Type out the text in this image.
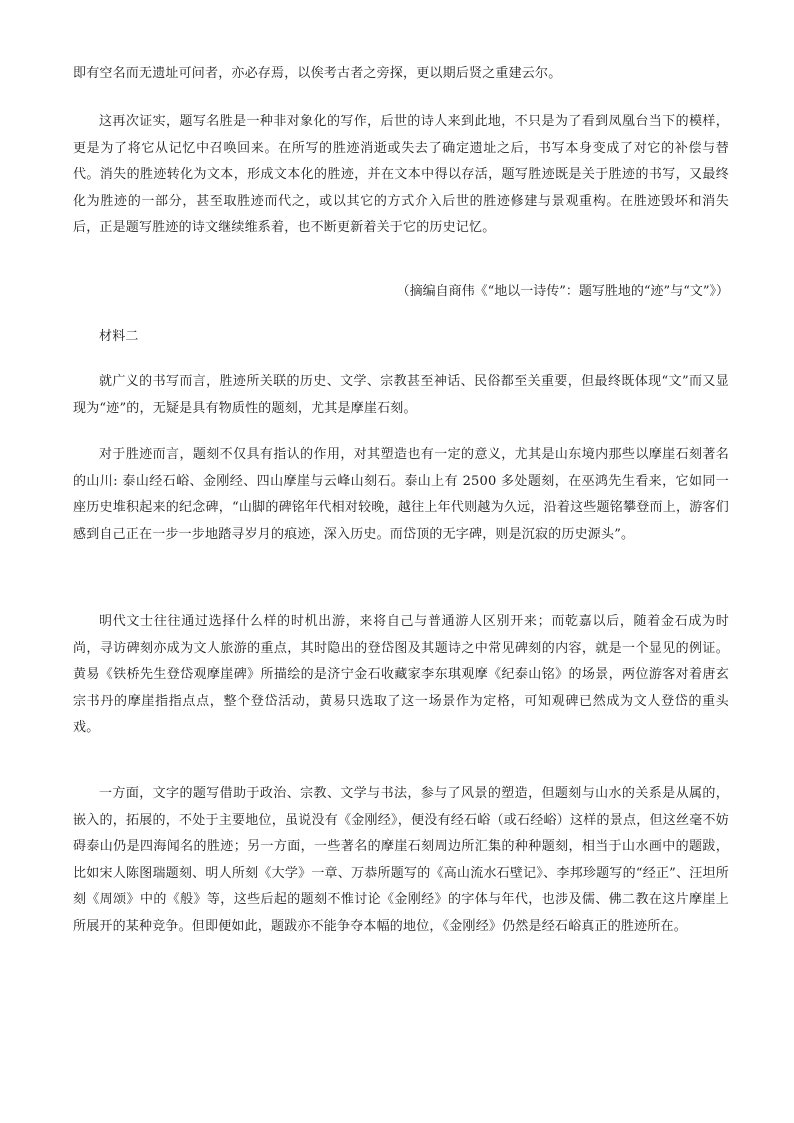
即有空名而无遗址可问者，亦必存焉，以俟考古者之旁探，更以期后贤之重建云尔。

这再次证实，题写名胜是一种非对象化的写作，后世的诗人来到此地，不只是为了看到凤凰台当下的模样，更是为了将它从记忆中召唤回来。在所写的胜迹消逝或失去了确定遗址之后，书写本身变成了对它的补偿与替代。消失的胜迹转化为文本，形成文本化的胜迹，并在文本中得以存活，题写胜迹既是关于胜迹的书写，又最终化为胜迹的一部分，甚至取胜迹而代之，或以其它的方式介入后世的胜迹修建与景观重构。在胜迹毁坏和消失后，正是题写胜迹的诗文继续维系着，也不断更新着关于它的历史记忆。

（摘编自商伟《“地以一诗传”：题写胜地的“迹”与“文”》）

材料二

就广义的书写而言，胜迹所关联的历史、文学、宗教甚至神话、民俗都至关重要，但最终既体现“文”而又显现为“迹”的，无疑是具有物质性的题刻，尤其是摩崖石刻。

对于胜迹而言，题刻不仅具有指认的作用，对其塑造也有一定的意义，尤其是山东境内那些以摩崖石刻著名的山川: 泰山经石峪、金刚经、四山摩崖与云峰山刻石。泰山上有 2500 多处题刻，在巫鸿先生看来，它如同一座历史堆积起来的纪念碑，“山脚的碑铭年代相对较晚，越往上年代则越为久远，沿着这些题铭攀登而上，游客们感到自己正在一步一步地踏寻岁月的痕迹，深入历史。而岱顶的无字碑，则是沉寂的历史源头”。

明代文士往往通过选择什么样的时机出游，来将自己与普通游人区别开来；而乾嘉以后，随着金石成为时尚，寻访碑刻亦成为文人旅游的重点，其时隐出的登岱图及其题诗之中常见碑刻的内容，就是一个显见的例证。黄易《铁桥先生登岱观摩崖碑》所描绘的是济宁金石收藏家李东琪观摩《纪泰山铭》的场景，两位游客对着唐玄宗书丹的摩崖指指点点，整个登岱活动，黄易只选取了这一场景作为定格，可知观碑已然成为文人登岱的重头戏。

一方面，文字的题写借助于政治、宗教、文学与书法，参与了风景的塑造，但题刻与山水的关系是从属的，嵌入的，拓展的，不处于主要地位，虽说没有《金刚经》，便没有经石峪（或石经峪）这样的景点，但这丝毫不妨碍泰山仍是四海闻名的胜迹；另一方面，一些著名的摩崖石刻周边所汇集的种种题刻，相当于山水画中的题跋，比如宋人陈图瑞题刻、明人所刻《大学》一章、万恭所题写的《高山流水石壁记》、李邦珍题写的“经正”、汪坦所刻《周颂》中的《般》等，这些后起的题刻不惟讨论《金刚经》的字体与年代，也涉及儒、佛二教在这片摩崖上所展开的某种竞争。但即便如此，题跋亦不能争夺本幅的地位，《金刚经》仍然是经石峪真正的胜迹所在。
